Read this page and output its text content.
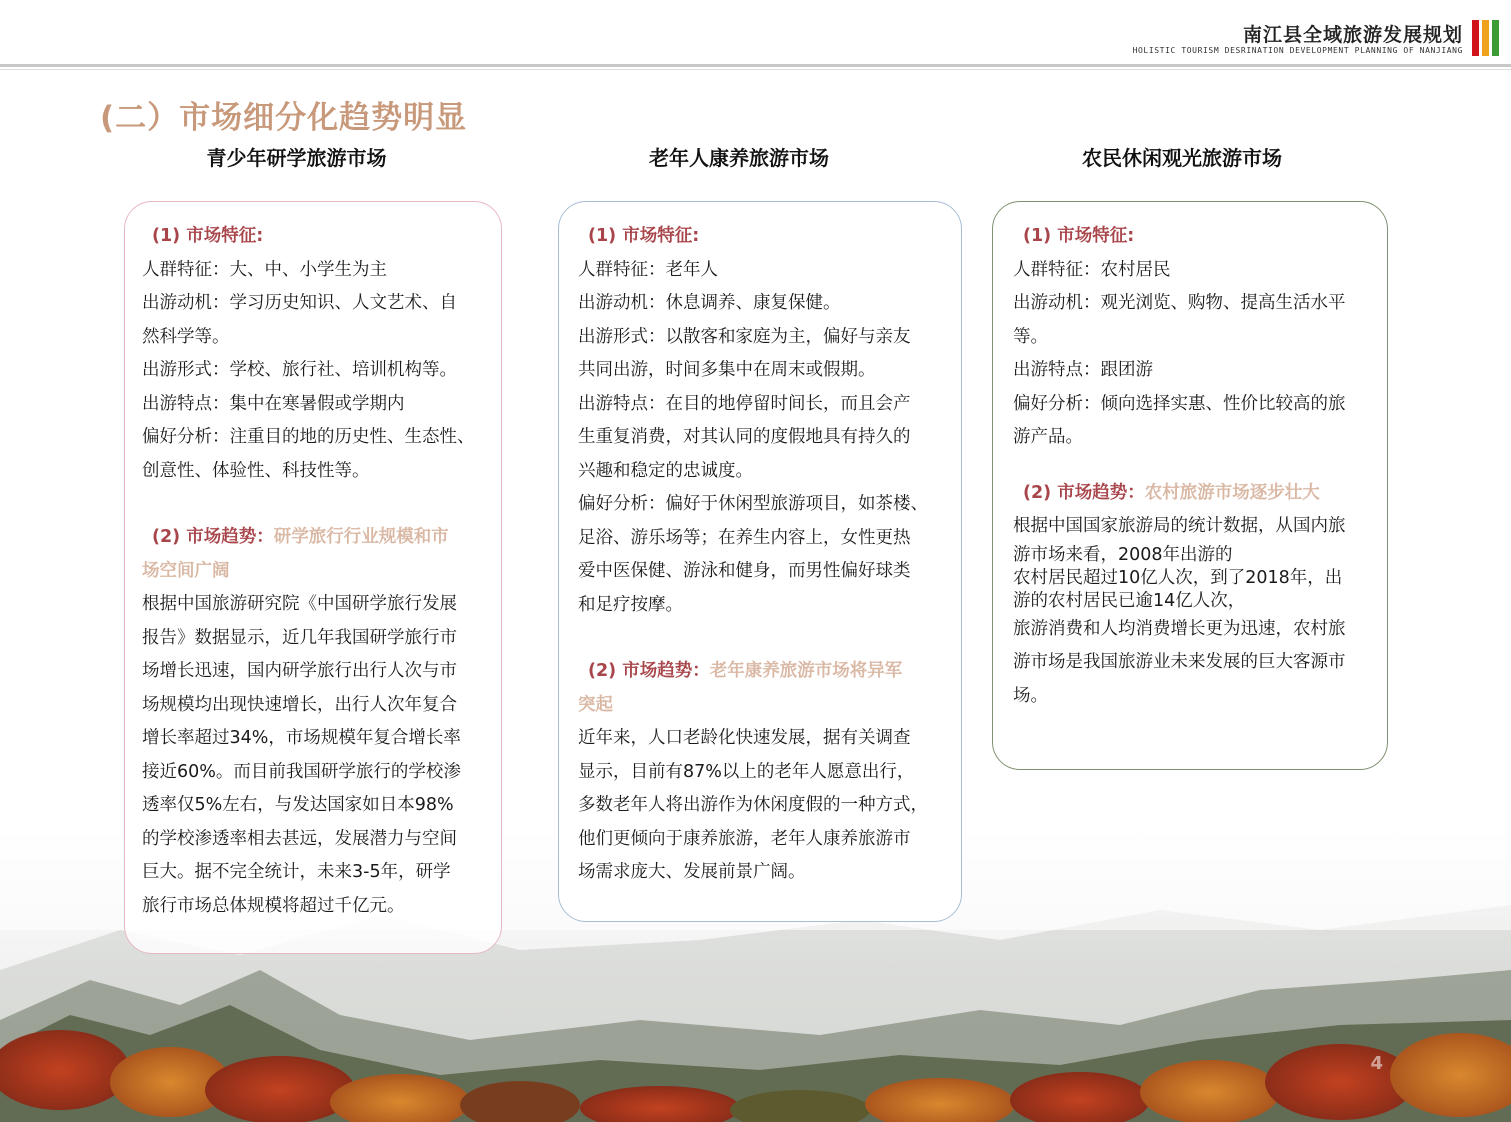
南江县全域旅游发展规划
HOLISTIC TOURISM DESRINATION DEVELOPMENT PLANNING OF NANJIANG
(二）市场细分化趋势明显
青少年研学旅游市场	老年人康养旅游市场	农民休闲观光旅游市场

(1) 市场特征:

人群特征：大、中、小学生为主

出游动机：学习历史知识、人文艺术、自

然科学等。

出游形式：学校、旅行社、培训机构等。

出游特点：集中在寒暑假或学期内

偏好分析：注重目的地的历史性、生态性、

创意性、体验性、科技性等。

(2) 市场趋势：研学旅行行业规模和市

场空间广阔

根据中国旅游研究院《中国研学旅行发展

报告》数据显示，近几年我国研学旅行市

场增长迅速，国内研学旅行出行人次与市

场规模均出现快速增长，出行人次年复合

增长率超过34%，市场规模年复合增长率

接近60%。而目前我国研学旅行的学校渗

透率仅5%左右，与发达国家如日本98%

的学校渗透率相去甚远，发展潜力与空间

巨大。据不完全统计，未来3-5年，研学

旅行市场总体规模将超过千亿元。

(1) 市场特征:

人群特征：老年人

出游动机：休息调养、康复保健。

出游形式：以散客和家庭为主，偏好与亲友

共同出游，时间多集中在周末或假期。

出游特点：在目的地停留时间长，而且会产

生重复消费，对其认同的度假地具有持久的

兴趣和稳定的忠诚度。

偏好分析：偏好于休闲型旅游项目，如茶楼、

足浴、游乐场等；在养生内容上，女性更热

爱中医保健、游泳和健身，而男性偏好球类

和足疗按摩。

(2) 市场趋势：老年康养旅游市场将异军

突起

近年来，人口老龄化快速发展，据有关调查

显示，目前有87%以上的老年人愿意出行，

多数老年人将出游作为休闲度假的一种方式，

他们更倾向于康养旅游，老年人康养旅游市

场需求庞大、发展前景广阔。

(1) 市场特征:

人群特征：农村居民

出游动机：观光浏览、购物、提高生活水平

等。

出游特点：跟团游

偏好分析：倾向选择实惠、性价比较高的旅

游产品。

(2) 市场趋势：农村旅游市场逐步壮大

根据中国国家旅游局的统计数据，从国内旅

游市场来看，2008年出游的

农村居民超过10亿人次，到了2018年，出

游的农村居民已逾14亿人次，

旅游消费和人均消费增长更为迅速，农村旅

游市场是我国旅游业未来发展的巨大客源市

场。

4
